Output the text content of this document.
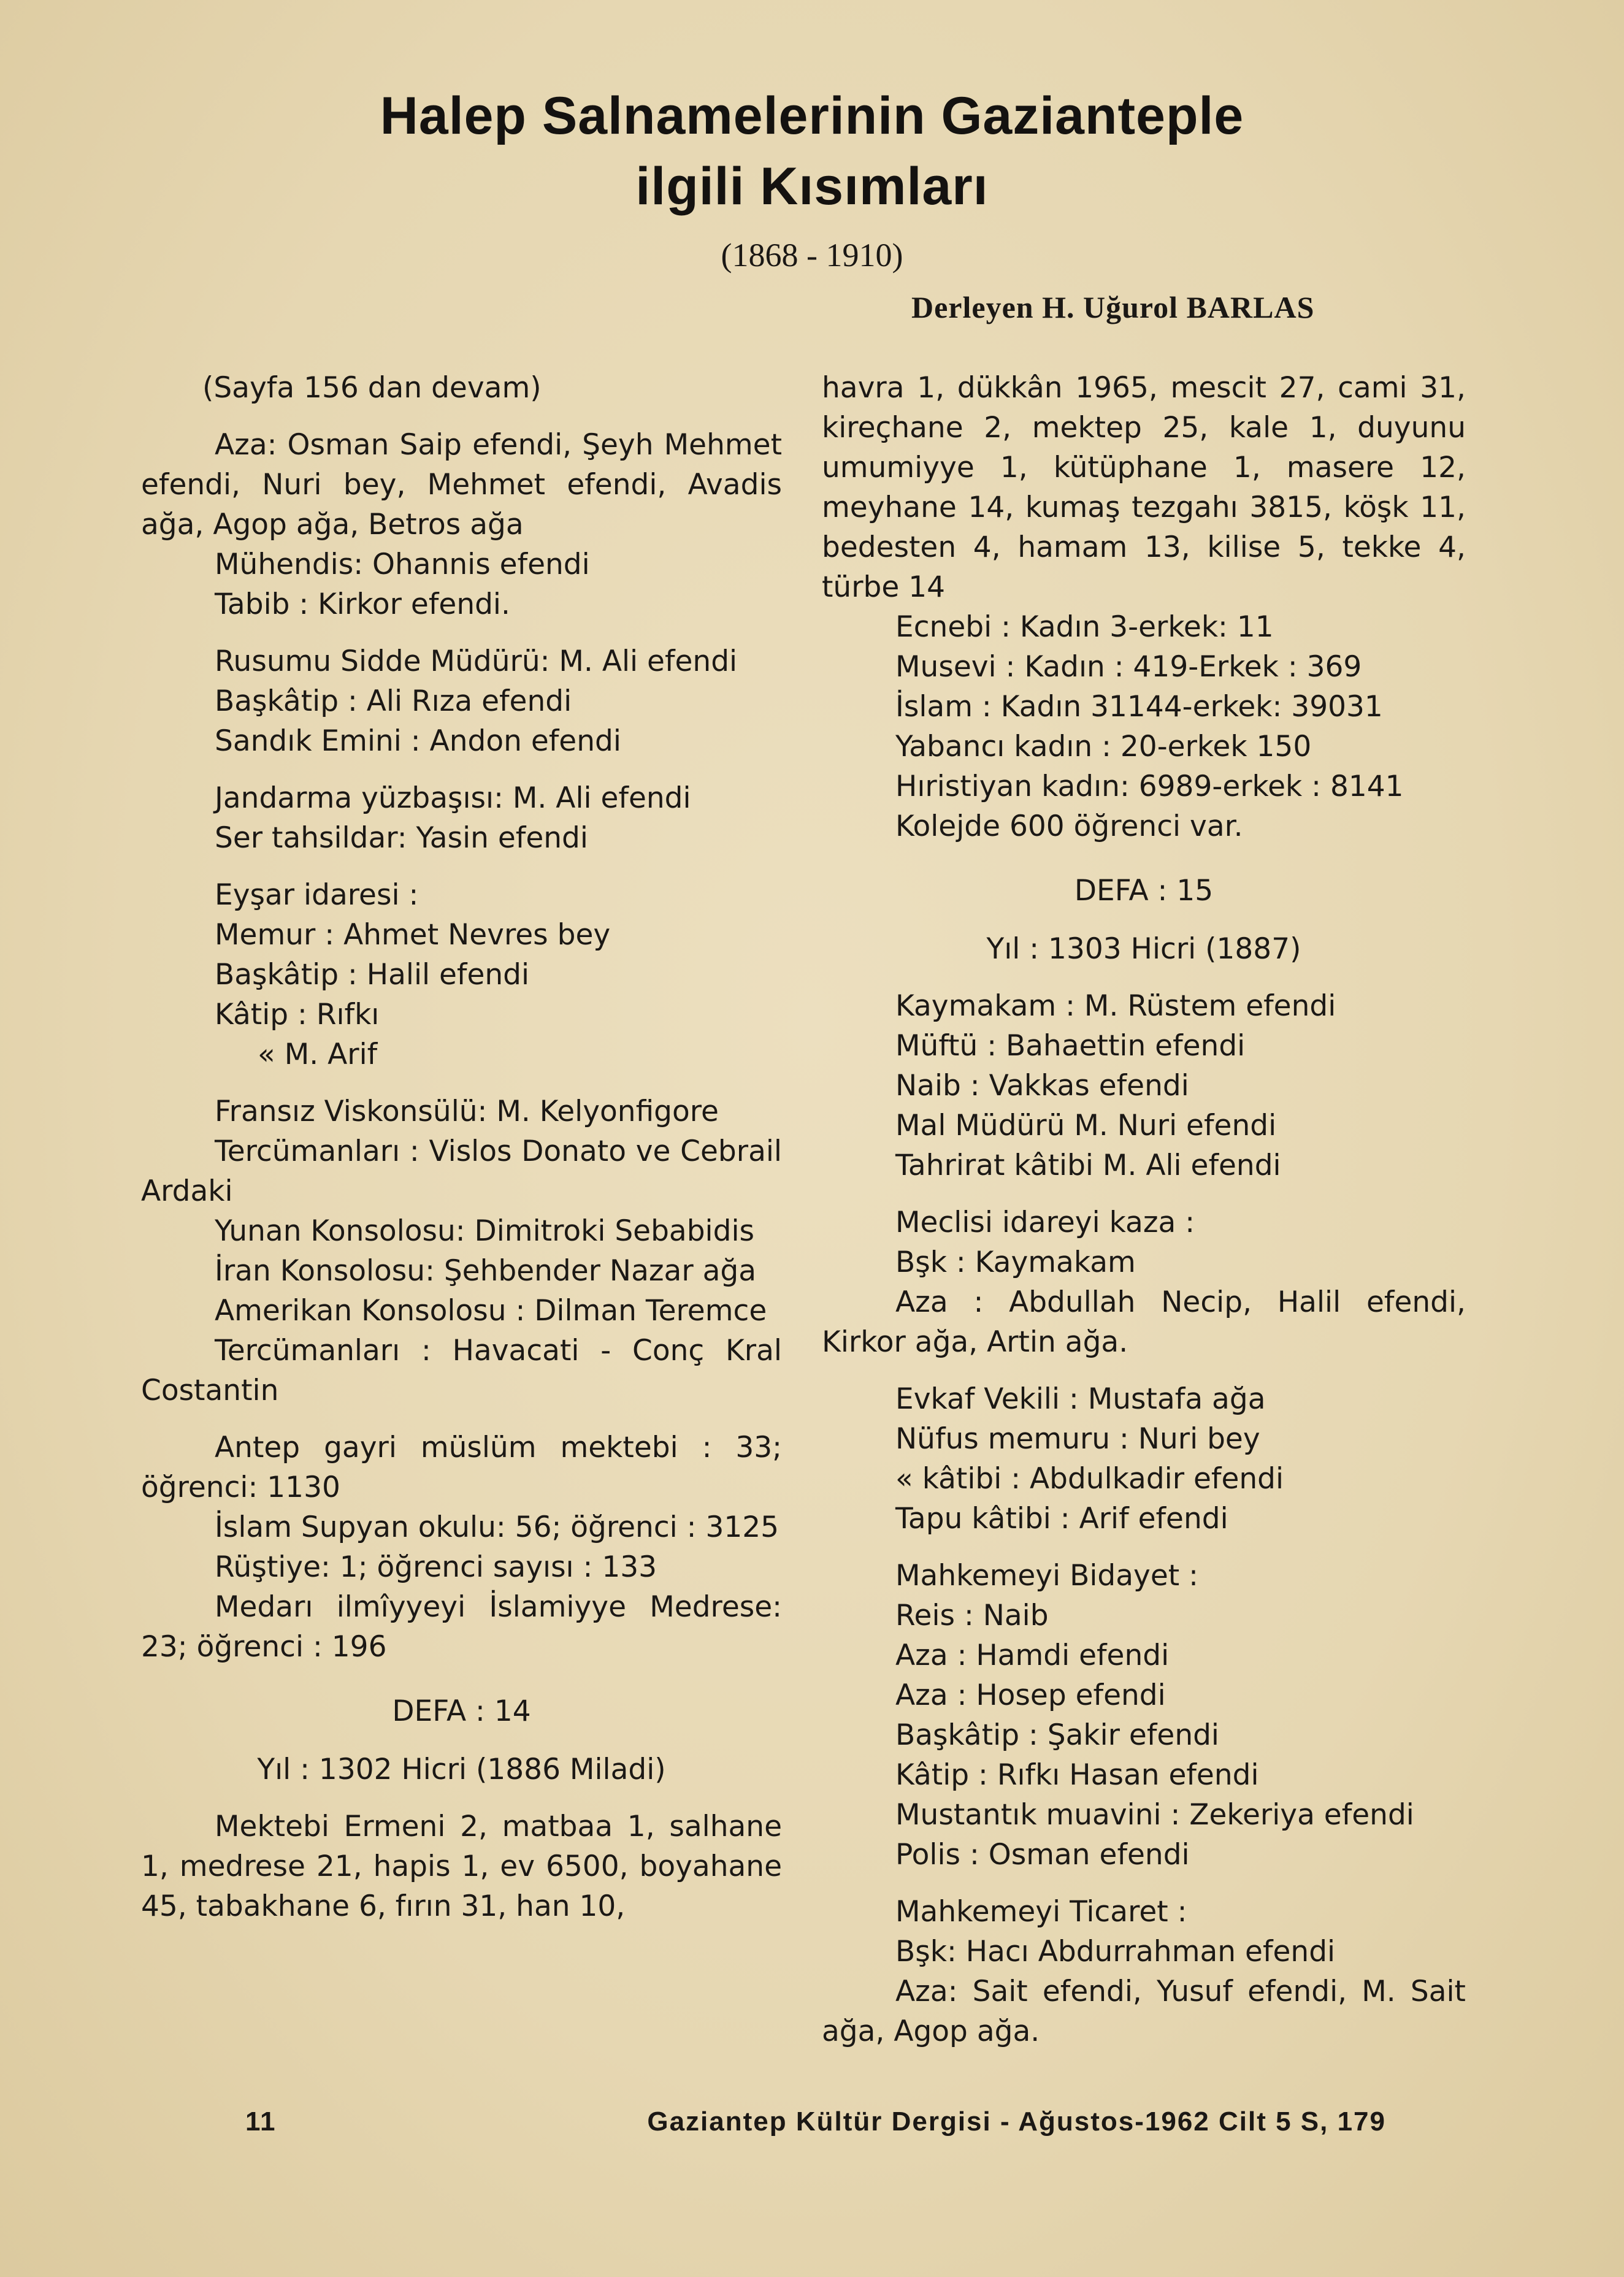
Halep Salnamelerinin Gazianteple
ilgili Kısımları
(1868 - 1910)
Derleyen H. Uğurol BARLAS

(Sayfa 156 dan devam)

Aza: Osman Saip efendi, Şeyh Mehmet efendi, Nuri bey, Mehmet efendi, Avadis ağa, Agop ağa, Betros ağa

Mühendis: Ohannis efendi

Tabib : Kirkor efendi.

Rusumu Sidde Müdürü: M. Ali efendi

Başkâtip : Ali Rıza efendi

Sandık Emini : Andon efendi

Jandarma yüzbaşısı: M. Ali efendi

Ser tahsildar: Yasin efendi

Eyşar idaresi :

Memur : Ahmet Nevres bey

Başkâtip : Halil efendi

Kâtip : Rıfkı

« M. Arif

Fransız Viskonsülü: M. Kelyonfigore

Tercümanları : Vislos Donato ve Cebrail Ardaki

Yunan Konsolosu: Dimitroki Sebabidis

İran Konsolosu: Şehbender Nazar ağa

Amerikan Konsolosu : Dilman Teremce

Tercümanları : Havacati - Conç Kral Costantin

Antep gayri müslüm mektebi : 33; öğrenci: 1130

İslam Supyan okulu: 56; öğrenci : 3125

Rüştiye: 1; öğrenci sayısı : 133

Medarı ilmîyyeyi İslamiyye Medrese: 23; öğrenci : 196

DEFA : 14

Yıl : 1302 Hicri (1886 Miladi)

Mektebi Ermeni 2, matbaa 1, salhane 1, medrese 21, hapis 1, ev 6500, boyahane 45, tabakhane 6, fırın 31, han 10,

havra 1, dükkân 1965, mescit 27, cami 31, kireçhane 2, mektep 25, kale 1, duyunu umumiyye 1, kütüphane 1, masere 12, meyhane 14, kumaş tezgahı 3815, köşk 11, bedesten 4, hamam 13, kilise 5, tekke 4, türbe 14

Ecnebi : Kadın 3-erkek: 11

Musevi : Kadın : 419-Erkek : 369

İslam : Kadın 31144-erkek: 39031

Yabancı kadın : 20-erkek 150

Hıristiyan kadın: 6989-erkek : 8141

Kolejde 600 öğrenci var.

DEFA : 15

Yıl : 1303 Hicri (1887)

Kaymakam : M. Rüstem efendi

Müftü : Bahaettin efendi

Naib : Vakkas efendi

Mal Müdürü M. Nuri efendi

Tahrirat kâtibi M. Ali efendi

Meclisi idareyi kaza :

Bşk : Kaymakam

Aza : Abdullah Necip, Halil efendi, Kirkor ağa, Artin ağa.

Evkaf Vekili : Mustafa ağa

Nüfus memuru : Nuri bey

« kâtibi : Abdulkadir efendi

Tapu kâtibi : Arif efendi

Mahkemeyi Bidayet :

Reis : Naib

Aza : Hamdi efendi

Aza : Hosep efendi

Başkâtip : Şakir efendi

Kâtip : Rıfkı Hasan efendi

Mustantık muavini : Zekeriya efendi

Polis : Osman efendi

Mahkemeyi Ticaret :

Bşk: Hacı Abdurrahman efendi

Aza: Sait efendi, Yusuf efendi, M. Sait ağa, Agop ağa.

11	Gaziantep Kültür Dergisi - Ağustos-1962 Cilt 5 S, 179
